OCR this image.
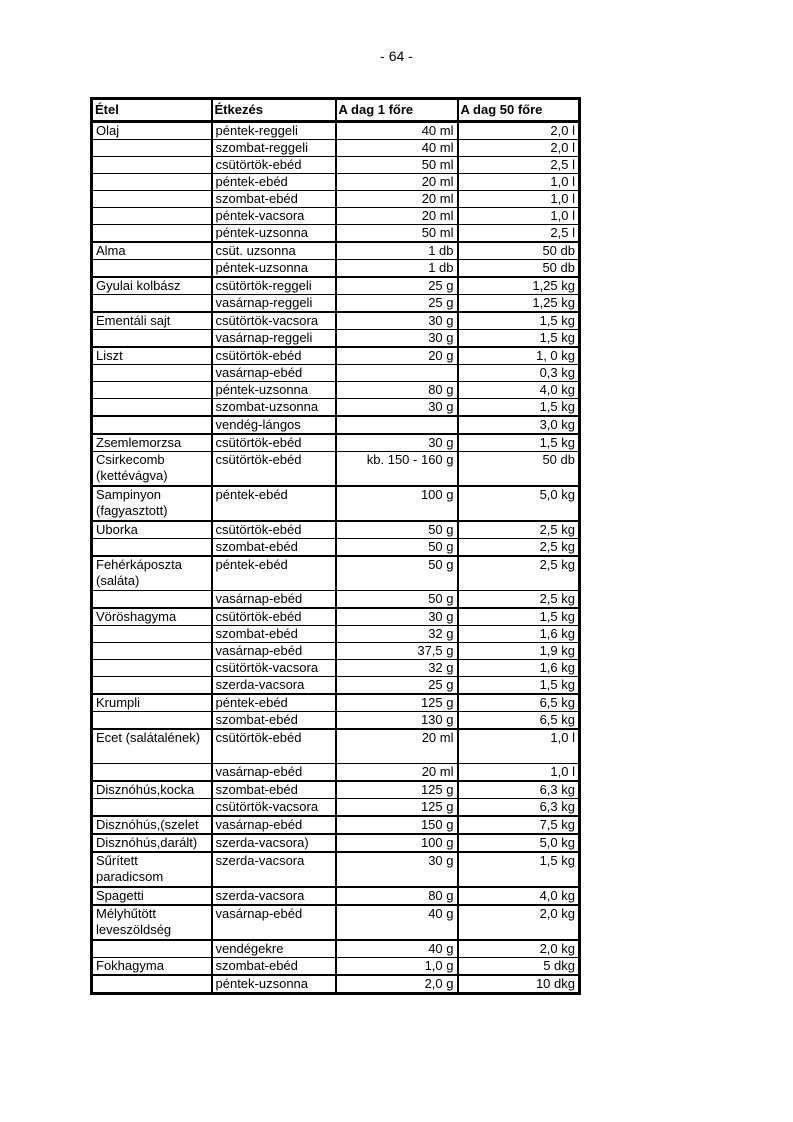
- 64 -
Étel	Étkezés	A dag 1 főre	A dag 50 főre
Olaj	péntek-reggeli	40 ml	2,0 l
	szombat-reggeli	40 ml	2,0 l
	csütörtök-ebéd	50 ml	2,5 l
	péntek-ebéd	20 ml	1,0 l
	szombat-ebéd	20 ml	1,0 l
	péntek-vacsora	20 ml	1,0 l
	péntek-uzsonna	50 ml	2,5 l
Alma	csüt. uzsonna	1 db	50 db
	péntek-uzsonna	1 db	50 db
Gyulai kolbász	csütörtök-reggeli	25 g	1,25 kg
	vasárnap-reggeli	25 g	1,25 kg
Ementáli sajt	csütörtök-vacsora	30 g	1,5 kg
	vasárnap-reggeli	30 g	1,5 kg
Liszt	csütörtök-ebéd	20 g	1, 0 kg
	vasárnap-ebéd		0,3 kg
	péntek-uzsonna	80 g	4,0 kg
	szombat-uzsonna	30 g	1,5 kg
	vendég-lángos		3,0 kg
Zsemlemorzsa	csütörtök-ebéd	30 g	1,5 kg
Csirkecomb (kettévágva)	csütörtök-ebéd	kb. 150 - 160 g	50 db
Sampinyon (fagyasztott)	péntek-ebéd	100 g	5,0 kg
Uborka	csütörtök-ebéd	50 g	2,5 kg
	szombat-ebéd	50 g	2,5 kg
Fehérkáposzta (saláta)	péntek-ebéd	50 g	2,5 kg
	vasárnap-ebéd	50 g	2,5 kg
Vöröshagyma	csütörtök-ebéd	30 g	1,5 kg
	szombat-ebéd	32 g	1,6 kg
	vasárnap-ebéd	37,5 g	1,9 kg
	csütörtök-vacsora	32 g	1,6 kg
	szerda-vacsora	25 g	1,5 kg
Krumpli	péntek-ebéd	125 g	6,5 kg
	szombat-ebéd	130 g	6,5 kg
Ecet (salátalének)	csütörtök-ebéd	20 ml	1,0 l
	vasárnap-ebéd	20 ml	1,0 l
Disznóhús,kocka	szombat-ebéd	125 g	6,3 kg
	csütörtök-vacsora	125 g	6,3 kg
Disznóhús,(szelet	vasárnap-ebéd	150 g	7,5 kg
Disznóhús,darált)	szerda-vacsora)	100 g	5,0 kg
Sűrített paradicsom	szerda-vacsora	30 g	1,5 kg
Spagetti	szerda-vacsora	80 g	4,0 kg
Mélyhűtött leveszöldség	vasárnap-ebéd	40 g	2,0 kg
	vendégekre	40 g	2,0 kg
Fokhagyma	szombat-ebéd	1,0 g	5 dkg
	péntek-uzsonna	2,0 g	10 dkg
